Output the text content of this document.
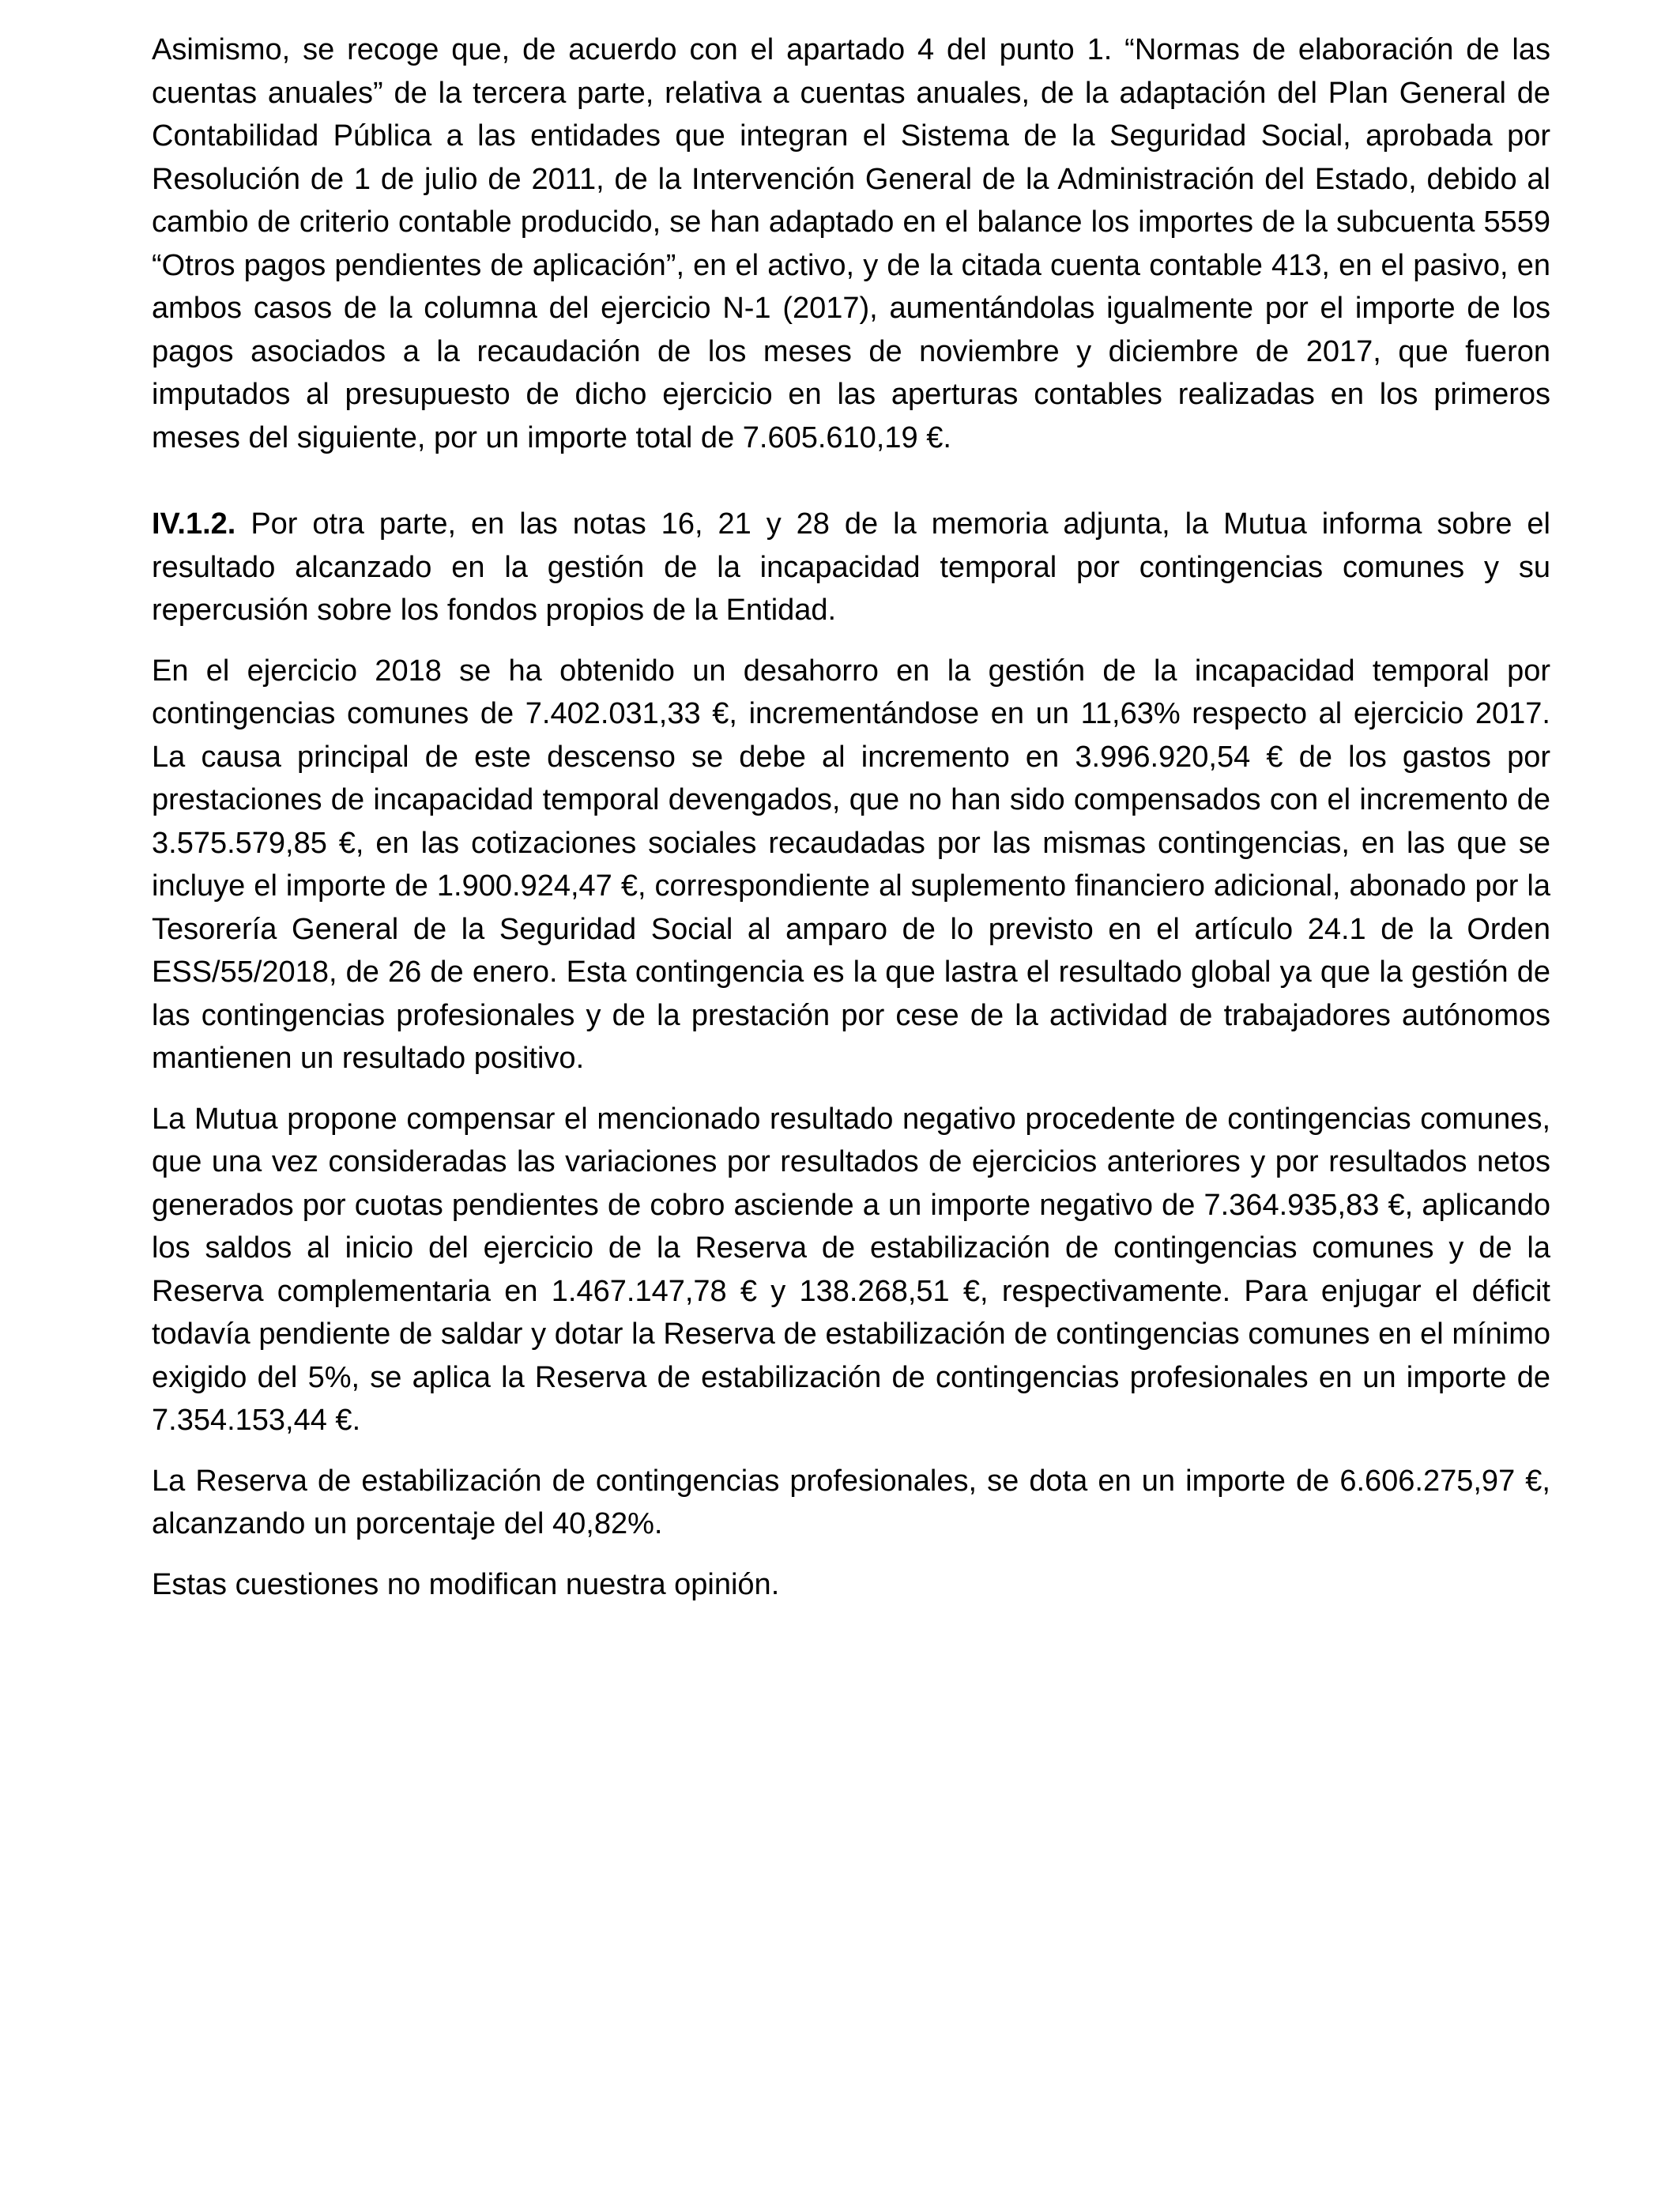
Asimismo, se recoge que, de acuerdo con el apartado 4 del punto 1. “Normas de elaboración de las cuentas anuales” de la tercera parte, relativa a cuentas anuales, de la adaptación del Plan General de Contabilidad Pública a las entidades que integran el Sistema de la Seguridad Social, aprobada por Resolución de 1 de julio de 2011, de la Intervención General de la Administración del Estado, debido al cambio de criterio contable producido, se han adaptado en el balance los importes de la subcuenta 5559 “Otros pagos pendientes de aplicación”, en el activo, y de la citada cuenta contable 413, en el pasivo, en ambos casos de la columna del ejercicio N-1 (2017), aumentándolas igualmente por el importe de los pagos asociados a la recaudación de los meses de noviembre y diciembre de 2017, que fueron imputados al presupuesto de dicho ejercicio en las aperturas contables realizadas en los primeros meses del siguiente, por un importe total de 7.605.610,19 €.

IV.1.2. Por otra parte, en las notas 16, 21 y 28 de la memoria adjunta, la Mutua informa sobre el resultado alcanzado en la gestión de la incapacidad temporal por contingencias comunes y su repercusión sobre los fondos propios de la Entidad.

En el ejercicio 2018 se ha obtenido un desahorro en la gestión de la incapacidad temporal por contingencias comunes de 7.402.031,33 €, incrementándose en un 11,63% respecto al ejercicio 2017. La causa principal de este descenso se debe al incremento en 3.996.920,54 € de los gastos por prestaciones de incapacidad temporal devengados, que no han sido compensados con el incremento de 3.575.579,85 €, en las cotizaciones sociales recaudadas por las mismas contingencias, en las que se incluye el importe de 1.900.924,47 €, correspondiente al suplemento financiero adicional, abonado por la Tesorería General de la Seguridad Social al amparo de lo previsto en el artículo 24.1 de la Orden ESS/55/2018, de 26 de enero. Esta contingencia es la que lastra el resultado global ya que la gestión de las contingencias profesionales y de la prestación por cese de la actividad de trabajadores autónomos mantienen un resultado positivo.

La Mutua propone compensar el mencionado resultado negativo procedente de contingencias comunes, que una vez consideradas las variaciones por resultados de ejercicios anteriores y por resultados netos generados por cuotas pendientes de cobro asciende a un importe negativo de 7.364.935,83 €, aplicando los saldos al inicio del ejercicio de la Reserva de estabilización de contingencias comunes y de la Reserva complementaria en 1.467.147,78 € y 138.268,51 €, respectivamente. Para enjugar el déficit todavía pendiente de saldar y dotar la Reserva de estabilización de contingencias comunes en el mínimo exigido del 5%, se aplica la Reserva de estabilización de contingencias profesionales en un importe de 7.354.153,44 €.

La Reserva de estabilización de contingencias profesionales, se dota en un importe de 6.606.275,97 €, alcanzando un porcentaje del 40,82%.

Estas cuestiones no modifican nuestra opinión.
